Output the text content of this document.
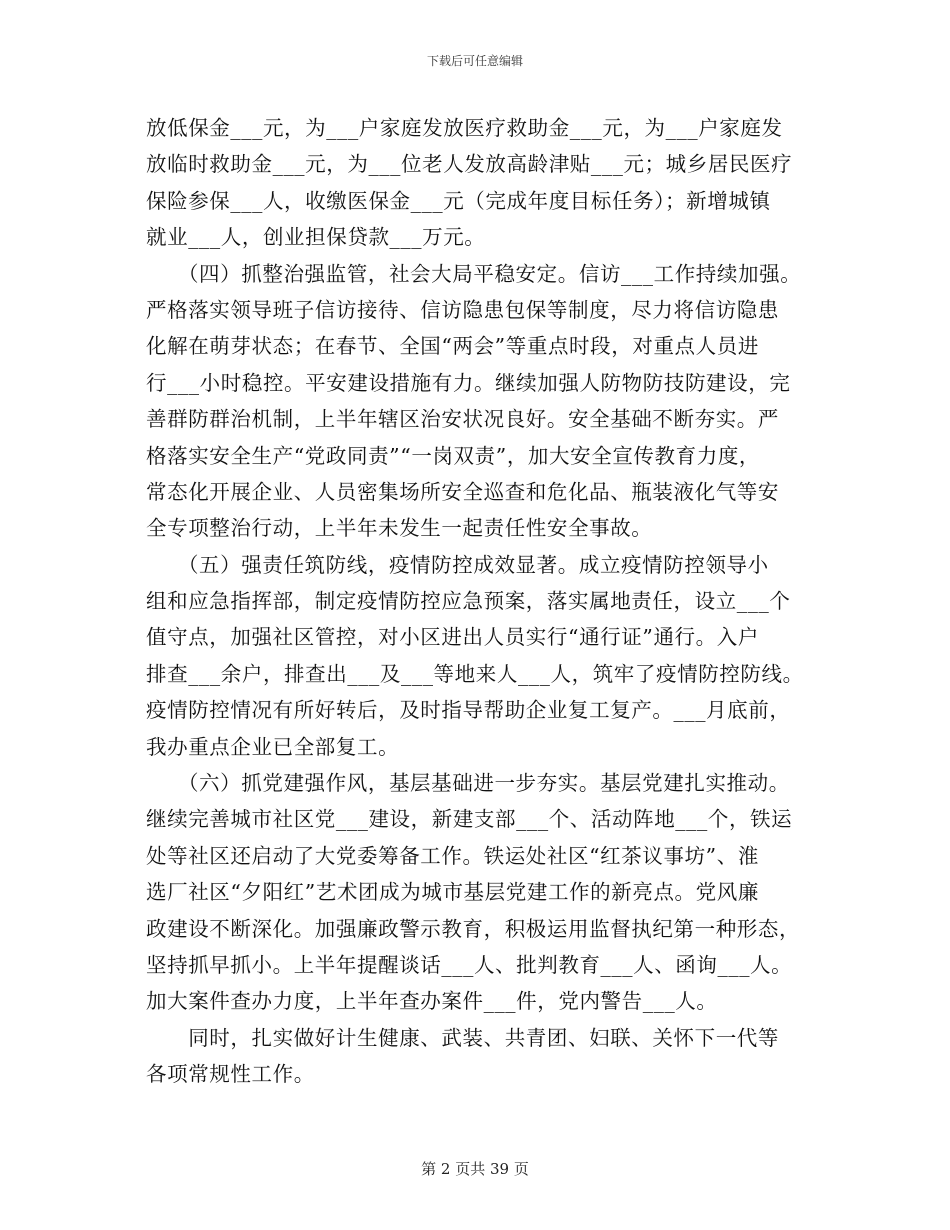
下载后可任意编辑
放低保金___元，为___户家庭发放医疗救助金___元，为___户家庭发
放临时救助金___元，为___位老人发放高龄津贴___元；城乡居民医疗
保险参保___人，收缴医保金___元（完成年度目标任务）；新增城镇
就业___人，创业担保贷款___万元。
　　（四）抓整治强监管，社会大局平稳安定。信访___工作持续加强。
严格落实领导班子信访接待、信访隐患包保等制度，尽力将信访隐患
化解在萌芽状态；在春节、全国“两会”等重点时段，对重点人员进
行___小时稳控。平安建设措施有力。继续加强人防物防技防建设，完
善群防群治机制，上半年辖区治安状况良好。安全基础不断夯实。严
格落实安全生产“党政同责”“一岗双责”，加大安全宣传教育力度，
常态化开展企业、人员密集场所安全巡查和危化品、瓶装液化气等安
全专项整治行动，上半年未发生一起责任性安全事故。
　　（五）强责任筑防线，疫情防控成效显著。成立疫情防控领导小
组和应急指挥部，制定疫情防控应急预案，落实属地责任，设立___个
值守点，加强社区管控，对小区进出人员实行“通行证”通行。入户
排查___余户，排查出___及___等地来人___人，筑牢了疫情防控防线。
疫情防控情况有所好转后，及时指导帮助企业复工复产。___月底前，
我办重点企业已全部复工。
　　（六）抓党建强作风，基层基础进一步夯实。基层党建扎实推动。
继续完善城市社区党___建设，新建支部___个、活动阵地___个，铁运
处等社区还启动了大党委筹备工作。铁运处社区“红茶议事坊”、淮
选厂社区“夕阳红”艺术团成为城市基层党建工作的新亮点。党风廉
政建设不断深化。加强廉政警示教育，积极运用监督执纪第一种形态，
坚持抓早抓小。上半年提醒谈话___人、批判教育___人、函询___人。
加大案件查办力度，上半年查办案件___件，党内警告___人。
　　同时，扎实做好计生健康、武装、共青团、妇联、关怀下一代等
各项常规性工作。
第 2 页共 39 页
